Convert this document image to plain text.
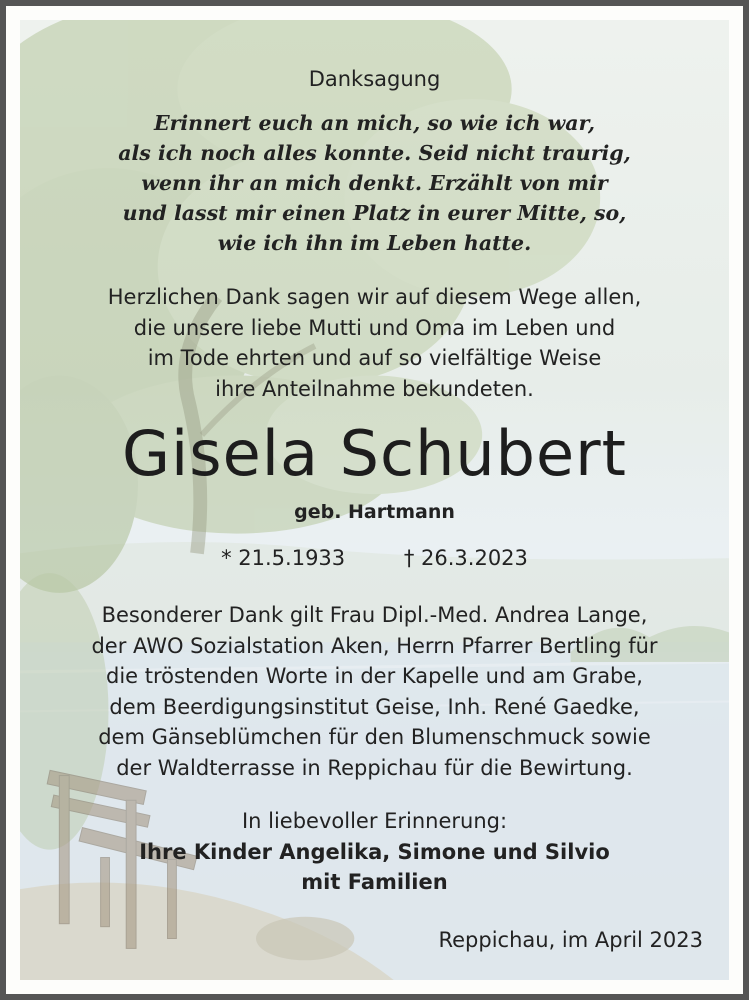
Danksagung
Erinnert euch an mich, so wie ich war,
als ich noch alles konnte. Seid nicht traurig,
wenn ihr an mich denkt. Erzählt von mir
und lasst mir einen Platz in eurer Mitte, so,
wie ich ihn im Leben hatte.
Herzlichen Dank sagen wir auf diesem Wege allen,
die unsere liebe Mutti und Oma im Leben und
im Tode ehrten und auf so vielfältige Weise
ihre Anteilnahme bekundeten.
Gisela Schubert
geb. Hartmann
* 21.5.1933	† 26.3.2023
Besonderer Dank gilt Frau Dipl.-Med. Andrea Lange,
der AWO Sozialstation Aken, Herrn Pfarrer Bertling für
die tröstenden Worte in der Kapelle und am Grabe,
dem Beerdigungsinstitut Geise, Inh. René Gaedke,
dem Gänseblümchen für den Blumenschmuck sowie
der Waldterrasse in Reppichau für die Bewirtung.
In liebevoller Erinnerung:
Ihre Kinder Angelika, Simone und Silvio
mit Familien
Reppichau, im April 2023
